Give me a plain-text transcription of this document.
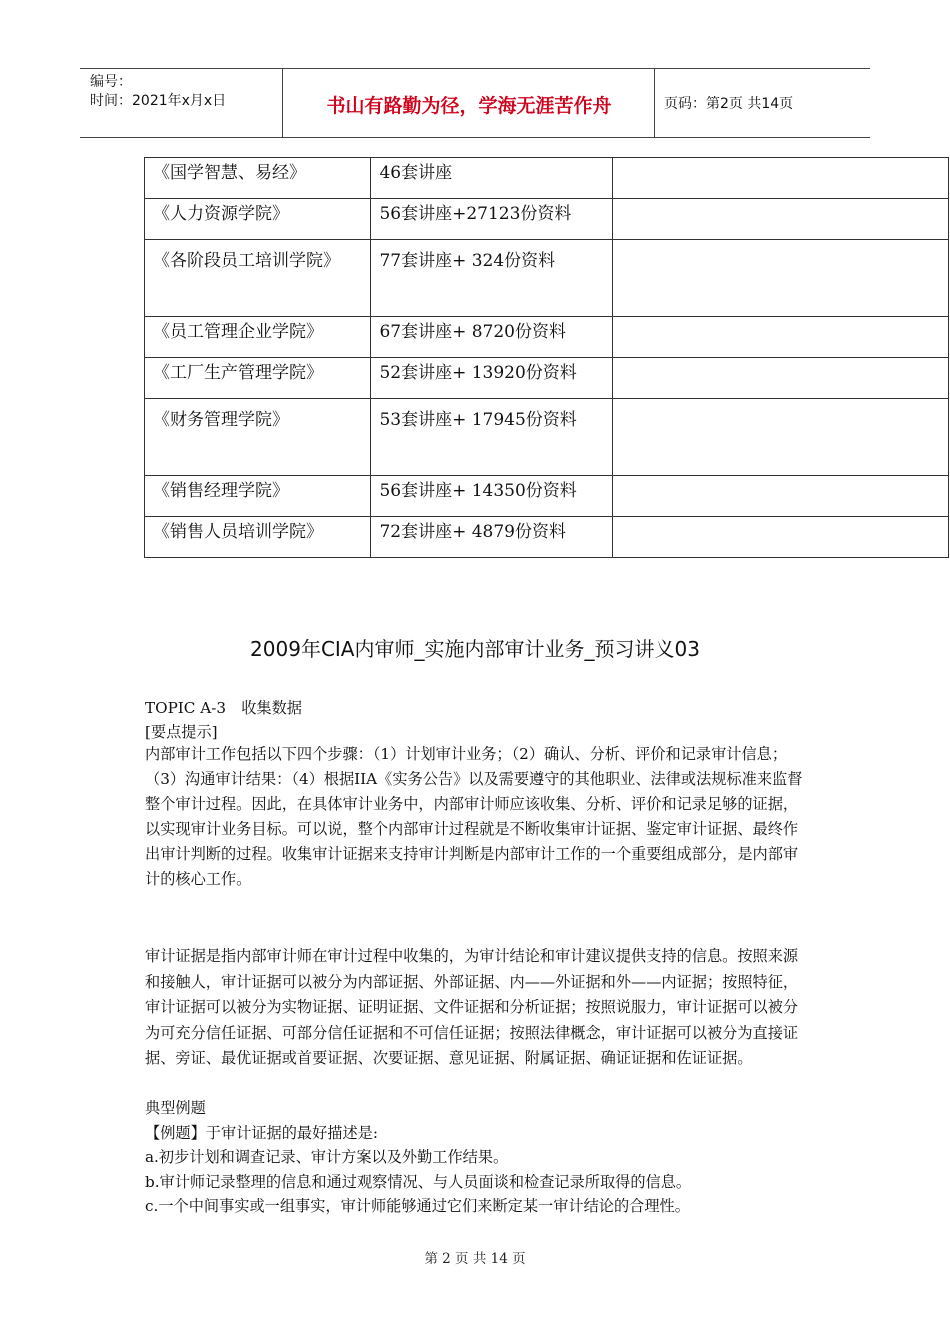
编号：
时间：2021年x月x日	书山有路勤为径，学海无涯苦作舟	页码：第2页 共14页
《国学智慧、易经》	46套讲座	
《人力资源学院》	56套讲座+27123份资料	
《各阶段员工培训学院》	77套讲座+ 324份资料	
《员工管理企业学院》	67套讲座+ 8720份资料	
《工厂生产管理学院》	52套讲座+ 13920份资料	
《财务管理学院》	53套讲座+ 17945份资料	
《销售经理学院》	56套讲座+ 14350份资料	
《销售人员培训学院》	72套讲座+ 4879份资料	
2009年CIA内审师_实施内部审计业务_预习讲义03

TOPIC A-3　收集数据

[要点提示]

内部审计工作包括以下四个步骤：（1）计划审计业务；（2）确认、分析、评价和记录审计信息；（3）沟通审计结果：（4）根据IIA《实务公告》以及需要遵守的其他职业、法律或法规标准来监督整个审计过程。因此，在具体审计业务中，内部审计师应该收集、分析、评价和记录足够的证据，以实现审计业务目标。可以说，整个内部审计过程就是不断收集审计证据、鉴定审计证据、最终作出审计判断的过程。收集审计证据来支持审计判断是内部审计工作的一个重要组成部分，是内部审计的核心工作。

审计证据是指内部审计师在审计过程中收集的，为审计结论和审计建议提供支持的信息。按照来源和接触人，审计证据可以被分为内部证据、外部证据、内——外证据和外——内证据；按照特征，审计证据可以被分为实物证据、证明证据、文件证据和分析证据；按照说服力，审计证据可以被分为可充分信任证据、可部分信任证据和不可信任证据；按照法律概念，审计证据可以被分为直接证据、旁证、最优证据或首要证据、次要证据、意见证据、附属证据、确证证据和佐证证据。

典型例题

【例题】于审计证据的最好描述是:

a.初步计划和调查记录、审计方案以及外勤工作结果。

b.审计师记录整理的信息和通过观察情况、与人员面谈和检查记录所取得的信息。

c.一个中间事实或一组事实，审计师能够通过它们来断定某一审计结论的合理性。

第 2 页 共 14 页
